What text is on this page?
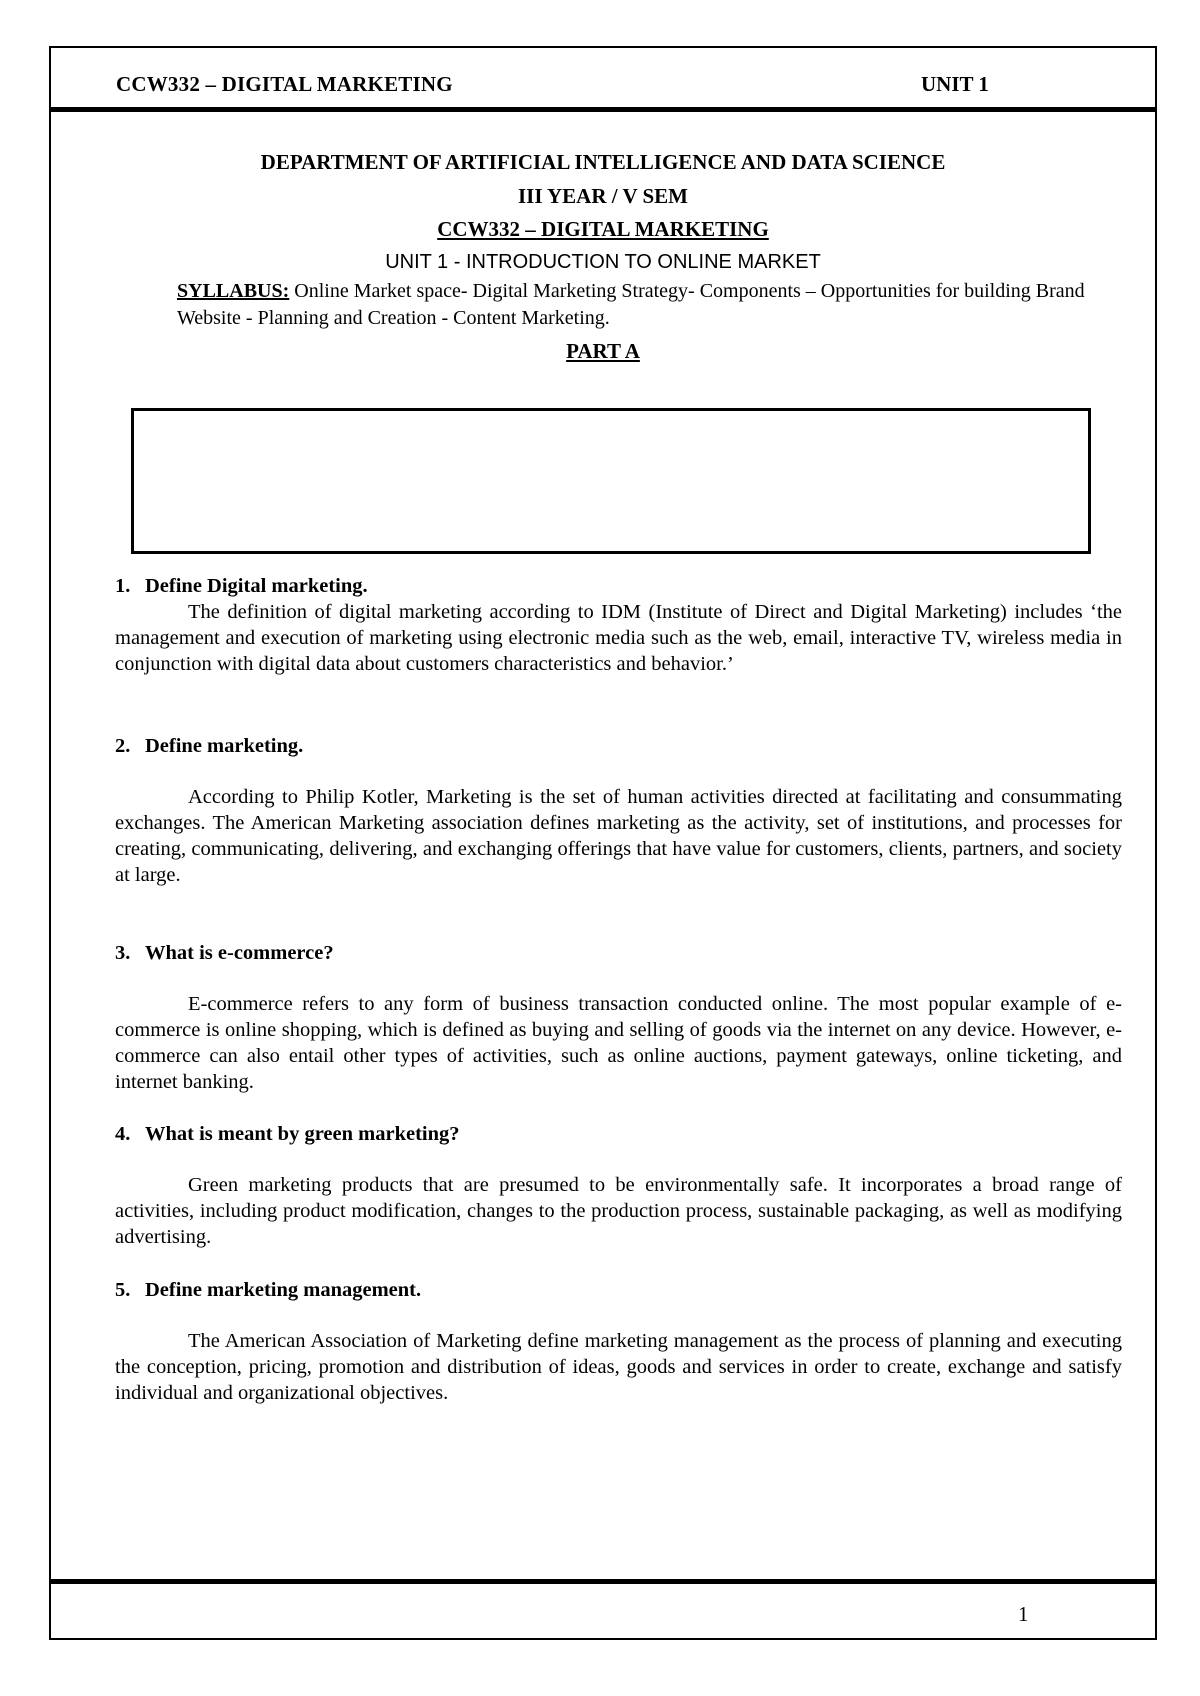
CCW332 – DIGITAL MARKETING	UNIT 1
DEPARTMENT OF ARTIFICIAL INTELLIGENCE AND DATA SCIENCE
III YEAR / V SEM
CCW332 – DIGITAL MARKETING
UNIT 1 - INTRODUCTION TO ONLINE MARKET
SYLLABUS: Online Market space- Digital Marketing Strategy- Components – Opportunities for building Brand Website - Planning and Creation - Content Marketing.
PART A

1. Define Digital marketing.

The definition of digital marketing according to IDM (Institute of Direct and Digital Marketing) includes ‘the management and execution of marketing using electronic media such as the web, email, interactive TV, wireless media in conjunction with digital data about customers characteristics and behavior.’

2. Define marketing.

According to Philip Kotler, Marketing is the set of human activities directed at facilitating and consummating exchanges. The American Marketing association defines marketing as the activity, set of institutions, and processes for creating, communicating, delivering, and exchanging offerings that have value for customers, clients, partners, and society at large.

3. What is e-commerce?

E-commerce refers to any form of business transaction conducted online. The most popular example of e-commerce is online shopping, which is defined as buying and selling of goods via the internet on any device. However, e-commerce can also entail other types of activities, such as online auctions, payment gateways, online ticketing, and internet banking.

4. What is meant by green marketing?

Green marketing products that are presumed to be environmentally safe. It incorporates a broad range of activities, including product modification, changes to the production process, sustainable packaging, as well as modifying advertising.

5. Define marketing management.

The American Association of Marketing define marketing management as the process of planning and executing the conception, pricing, promotion and distribution of ideas, goods and services in order to create, exchange and satisfy individual and organizational objectives.

1
